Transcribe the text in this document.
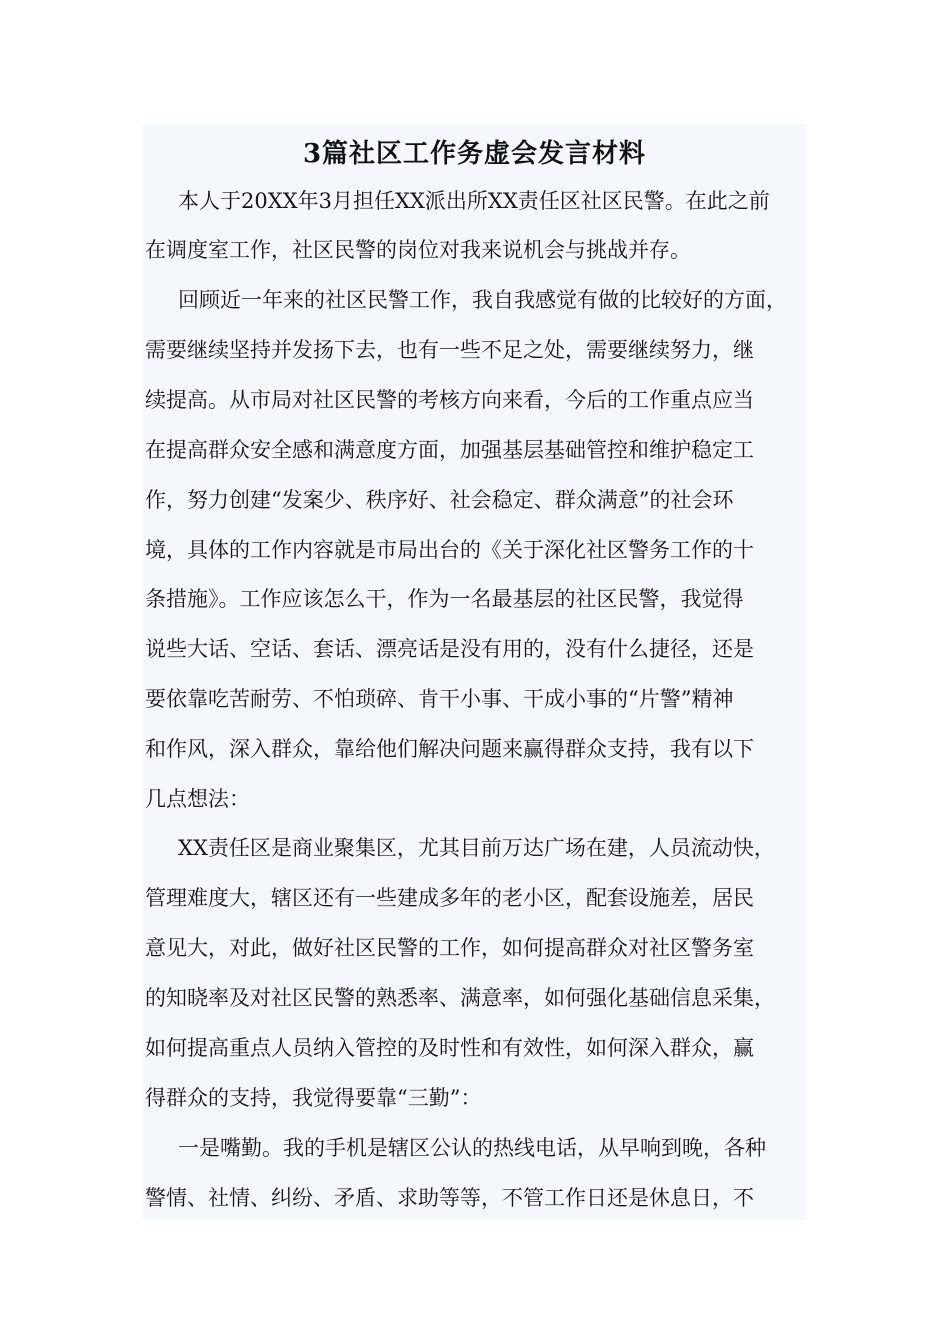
3篇社区工作务虚会发言材料
本人于20XX年3月担任XX派出所XX责任区社区民警。在此之前
在调度室工作，社区民警的岗位对我来说机会与挑战并存。
回顾近一年来的社区民警工作，我自我感觉有做的比较好的方面，
需要继续坚持并发扬下去，也有一些不足之处，需要继续努力，继
续提高。从市局对社区民警的考核方向来看，今后的工作重点应当
在提高群众安全感和满意度方面，加强基层基础管控和维护稳定工
作，努力创建“发案少、秩序好、社会稳定、群众满意”的社会环
境，具体的工作内容就是市局出台的《关于深化社区警务工作的十
条措施》。工作应该怎么干，作为一名最基层的社区民警，我觉得
说些大话、空话、套话、漂亮话是没有用的，没有什么捷径，还是
要依靠吃苦耐劳、不怕琐碎、肯干小事、干成小事的“片警”精神
和作风，深入群众，靠给他们解决问题来赢得群众支持，我有以下
几点想法：
XX责任区是商业聚集区，尤其目前万达广场在建，人员流动快，
管理难度大，辖区还有一些建成多年的老小区，配套设施差，居民
意见大，对此，做好社区民警的工作，如何提高群众对社区警务室
的知晓率及对社区民警的熟悉率、满意率，如何强化基础信息采集，
如何提高重点人员纳入管控的及时性和有效性，如何深入群众，赢
得群众的支持，我觉得要靠“三勤”：
一是嘴勤。我的手机是辖区公认的热线电话，从早响到晚，各种
警情、社情、纠纷、矛盾、求助等等，不管工作日还是休息日，不
